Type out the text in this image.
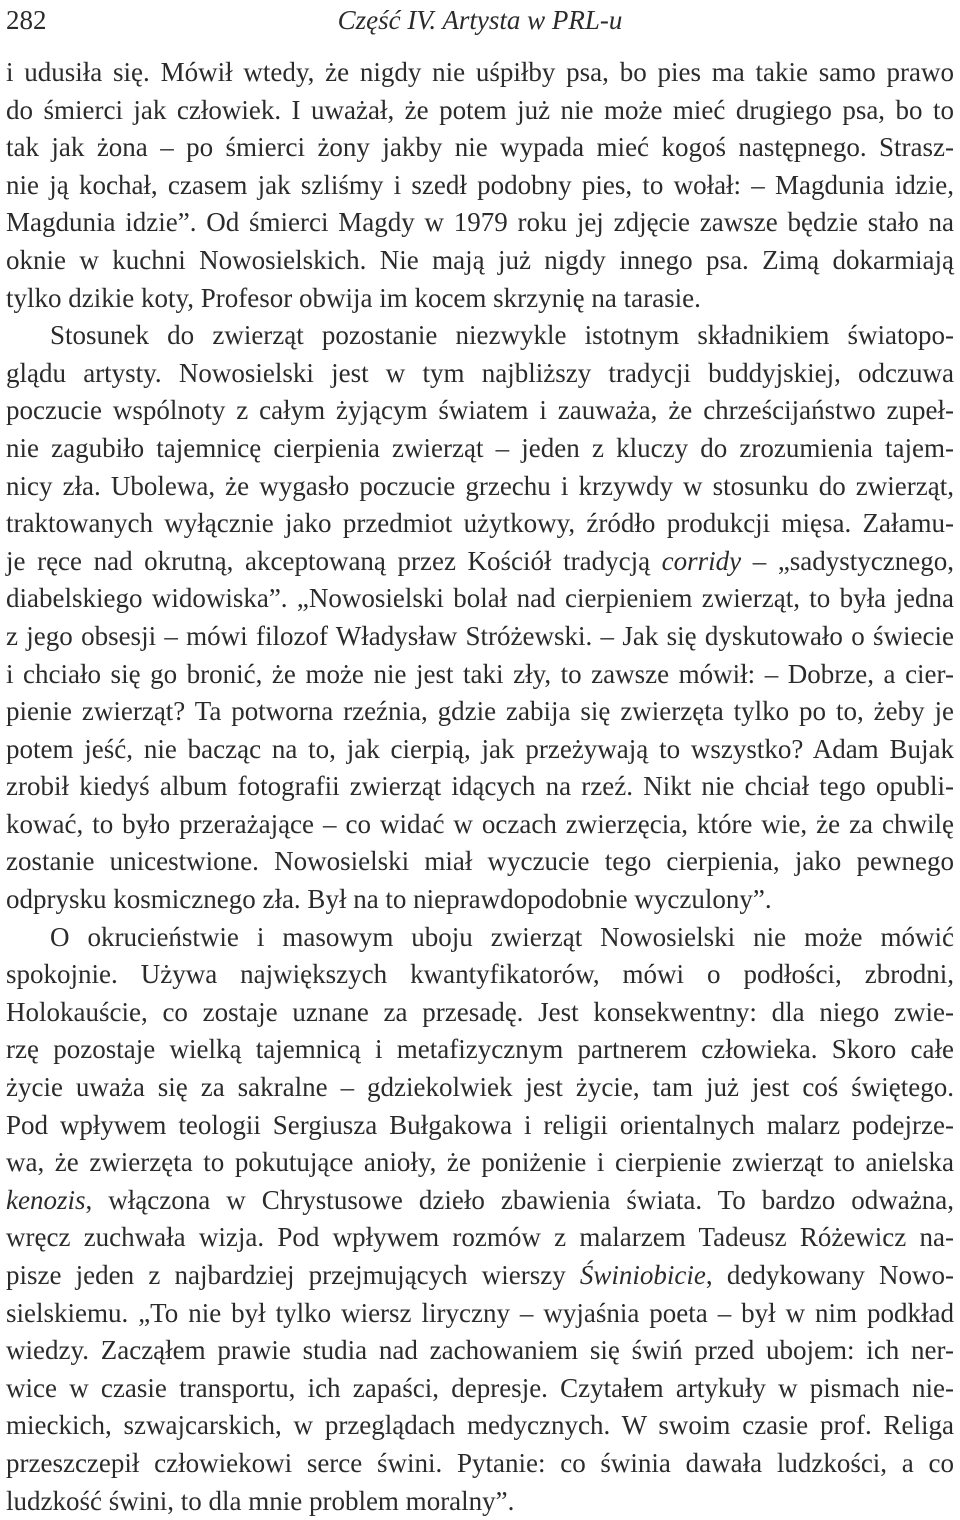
282	Część IV. Artysta w PRL-u
i udusiła się. Mówił wtedy, że nigdy nie uśpiłby psa, bo pies ma takie samo prawo
do śmierci jak człowiek. I uważał, że potem już nie może mieć drugiego psa, bo to
tak jak żona – po śmierci żony jakby nie wypada mieć kogoś następnego. Strasz-
nie ją kochał, czasem jak szliśmy i szedł podobny pies, to wołał: – Magdunia idzie,
Magdunia idzie”. Od śmierci Magdy w 1979 roku jej zdjęcie zawsze będzie stało na
oknie w kuchni Nowosielskich. Nie mają już nigdy innego psa. Zimą dokarmiają
tylko dzikie koty, Profesor obwija im kocem skrzynię na tarasie.
Stosunek do zwierząt pozostanie niezwykle istotnym składnikiem światopo-
glądu artysty. Nowosielski jest w tym najbliższy tradycji buddyjskiej, odczuwa
poczucie wspólnoty z całym żyjącym światem i zauważa, że chrześcijaństwo zupeł-
nie zagubiło tajemnicę cierpienia zwierząt – jeden z kluczy do zrozumienia tajem-
nicy zła. Ubolewa, że wygasło poczucie grzechu i krzywdy w stosunku do zwierząt,
traktowanych wyłącznie jako przedmiot użytkowy, źródło produkcji mięsa. Załamu-
je ręce nad okrutną, akceptowaną przez Kościół tradycją corridy – „sadystycznego,
diabelskiego widowiska”. „Nowosielski bolał nad cierpieniem zwierząt, to była jedna
z jego obsesji – mówi filozof Władysław Stróżewski. – Jak się dyskutowało o świecie
i chciało się go bronić, że może nie jest taki zły, to zawsze mówił: – Dobrze, a cier-
pienie zwierząt? Ta potworna rzeźnia, gdzie zabija się zwierzęta tylko po to, żeby je
potem jeść, nie bacząc na to, jak cierpią, jak przeżywają to wszystko? Adam Bujak
zrobił kiedyś album fotografii zwierząt idących na rzeź. Nikt nie chciał tego opubli-
kować, to było przerażające – co widać w oczach zwierzęcia, które wie, że za chwilę
zostanie unicestwione. Nowosielski miał wyczucie tego cierpienia, jako pewnego
odprysku kosmicznego zła. Był na to nieprawdopodobnie wyczulony”.
O okrucieństwie i masowym uboju zwierząt Nowosielski nie może mówić
spokojnie. Używa największych kwantyfikatorów, mówi o podłości, zbrodni,
Holokauście, co zostaje uznane za przesadę. Jest konsekwentny: dla niego zwie-
rzę pozostaje wielką tajemnicą i metafizycznym partnerem człowieka. Skoro całe
życie uważa się za sakralne – gdziekolwiek jest życie, tam już jest coś świętego.
Pod wpływem teologii Sergiusza Bułgakowa i religii orientalnych malarz podejrze-
wa, że zwierzęta to pokutujące anioły, że poniżenie i cierpienie zwierząt to anielska
kenozis, włączona w Chrystusowe dzieło zbawienia świata. To bardzo odważna,
wręcz zuchwała wizja. Pod wpływem rozmów z malarzem Tadeusz Różewicz na-
pisze jeden z najbardziej przejmujących wierszy Świniobicie, dedykowany Nowo-
sielskiemu. „To nie był tylko wiersz liryczny – wyjaśnia poeta – był w nim podkład
wiedzy. Zacząłem prawie studia nad zachowaniem się świń przed ubojem: ich ner-
wice w czasie transportu, ich zapaści, depresje. Czytałem artykuły w pismach nie-
mieckich, szwajcarskich, w przeglądach medycznych. W swoim czasie prof. Religa
przeszczepił człowiekowi serce świni. Pytanie: co świnia dawała ludzkości, a co
ludzkość świni, to dla mnie problem moralny”.
